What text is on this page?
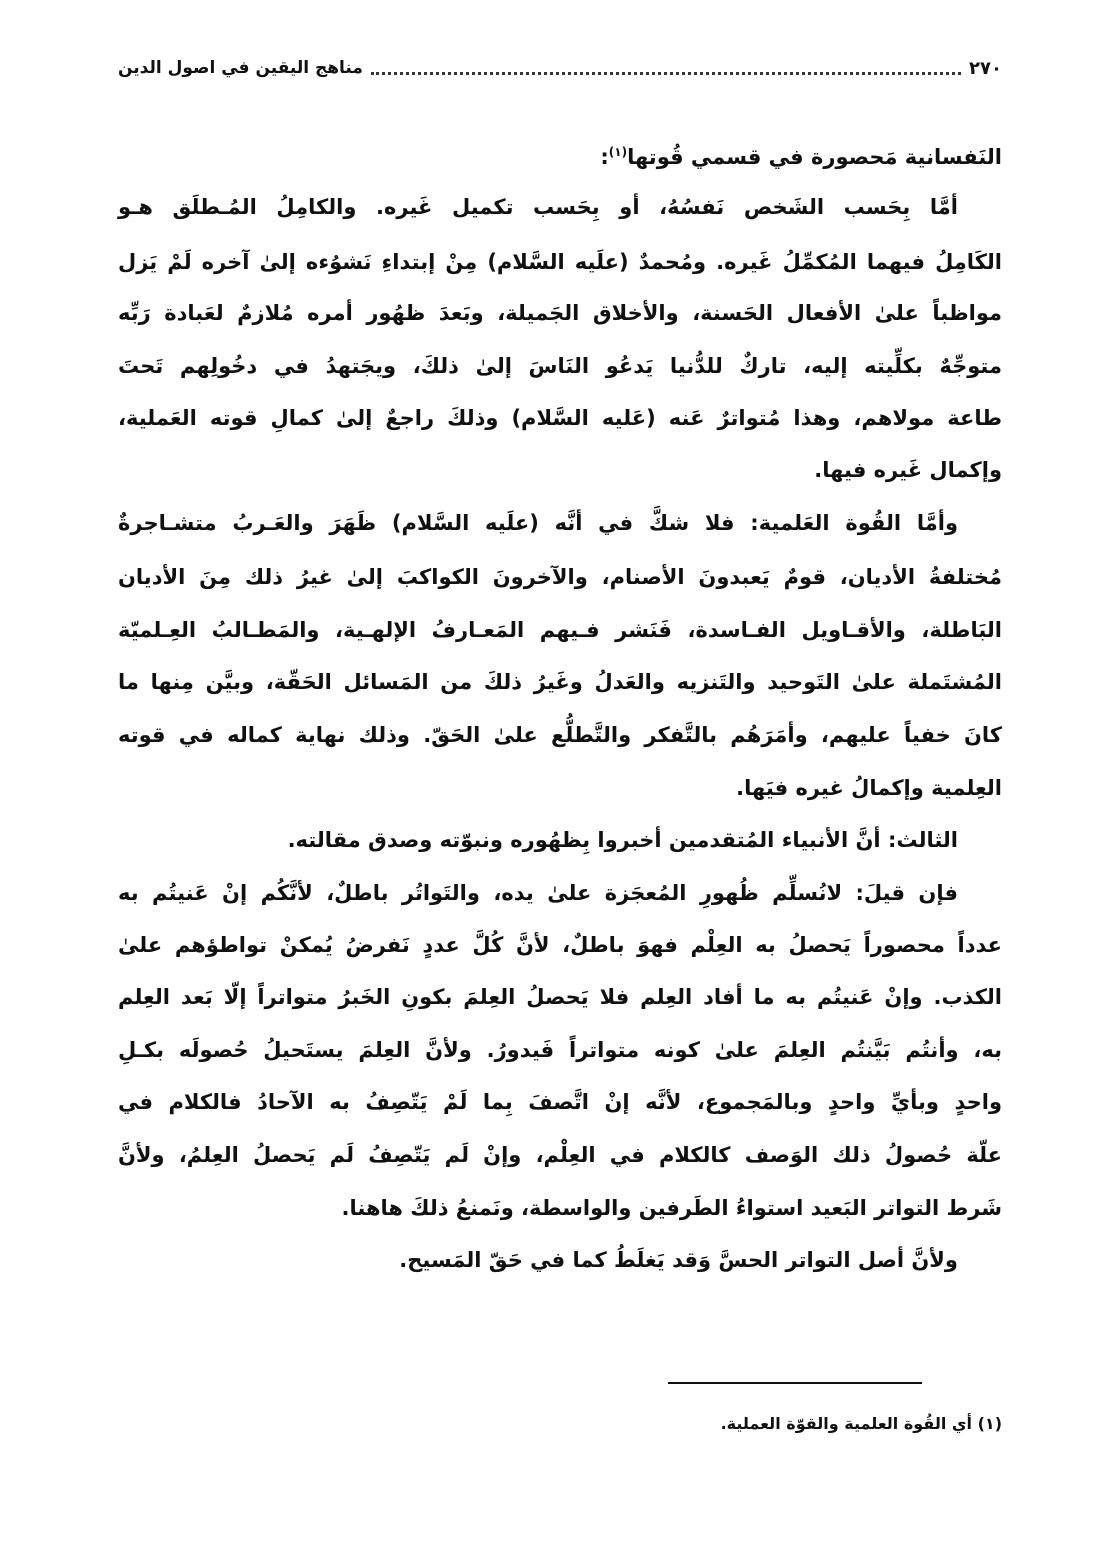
٢٧٠
مناهج اليقين في اصول الدين
النَفسانية مَحصورة في قسمي قُوتها$^{(١)}$:
أمَّا بِحَسب الشَخص نَفسُهُ، أو بِحَسب تكميل غَيره. والكامِلُ المُـطلَق هـو
الكَامِلُ فيهما المُكمِّلُ غَيره. ومُحمدٌ (علَيه السَّلام) مِنْ إبتداءِ نَشوُءه إلىٰ آخره لَمْ يَزل
مواظباً علىٰ الأفعال الحَسنة، والأخلاق الجَميلة، وبَعدَ ظهُور أمره مُلازمٌ لعَبادة رَبِّه
متوجِّهٌ بكلِّيته إليه، تاركٌ للدُّنيا يَدعُو النَاسَ إلىٰ ذلكَ، ويجَتهدُ في دخُولِهم تَحتَ
طاعة مولاهم، وهذا مُتواترٌ عَنه (عَليه السَّلام) وذلكَ راجعٌ إلىٰ كمالِ قوته العَملية،
وإكمال غَيره فيها.
وأمَّا القُوة العَلمية: فلا شكَّ في أنَّه (علَيه السَّلام) ظَهَرَ والعَـربُ متشـاجرةٌ
مُختلفةُ الأديان، قومٌ يَعبدونَ الأصنام، والآخرونَ الكواكبَ إلىٰ غيرُ ذلك مِنَ الأديان
البَاطلة، والأقـاويل الفـاسدة، فَنَشر فـيهم المَعـارفُ الإلهـية، والمَطـالبُ العِـلميّة
المُشتَملة علىٰ التَوحيد والتَنزيه والعَدلُ وغَيرُ ذلكَ من المَسائل الحَقّة، وبيَّن مِنها ما
كانَ خفياً عليهم، وأمَرَهُم بالتَّفكر والتَّطلُّع علىٰ الحَقّ. وذلك نهاية كماله في قوته
العِلمية وإكمالُ غيره فيَها.
الثالث: أنَّ الأنبياء المُتقدمين أخبروا بِظهُوره ونبوّته وصدق مقالته.
فإن قيلَ: لانُسلِّم ظُهورِ المُعجَزة علىٰ يده، والتَواتُر باطلٌ، لأنَّكُم إنْ عَنيتُم به
عدداً محصوراً يَحصلُ به العِلْم فهوَ باطلٌ، لأنَّ كُلَّ عددٍ نَفرضُ يُمكنْ تواطؤهم علىٰ
الكذب. وإنْ عَنيتُم به ما أفاد العِلم فلا يَحصلُ العِلمَ بكونِ الخَبرُ متواتراً إلّا بَعد العِلم
به، وأنتُم بَيَّنتُم العِلمَ علىٰ كونه متواتراً فَيدورُ. ولأنَّ العِلمَ يستَحيلُ حُصولَه بكـلِ
واحدٍ وبأيِّ واحدٍ وبالمَجموع، لأنَّه إنْ اتَّصفَ بِما لَمْ يَتّصِفُ به الآحادُ فالكلام في
علّة حُصولُ ذلك الوَصف كالكلام في العِلْم، وإنْ لَم يَتّصِفُ لَم يَحصلُ العِلمُ، ولأنَّ
شَرط التواتر البَعيد استواءُ الطَرفين والواسطة، ونَمنعُ ذلكَ هاهنا.
ولأنَّ أصل التواتر الحسَّ وَقد يَغلَطُ كما في حَقّ المَسيح.
(١) أي القُوة العلمية والقوّة العملية.
